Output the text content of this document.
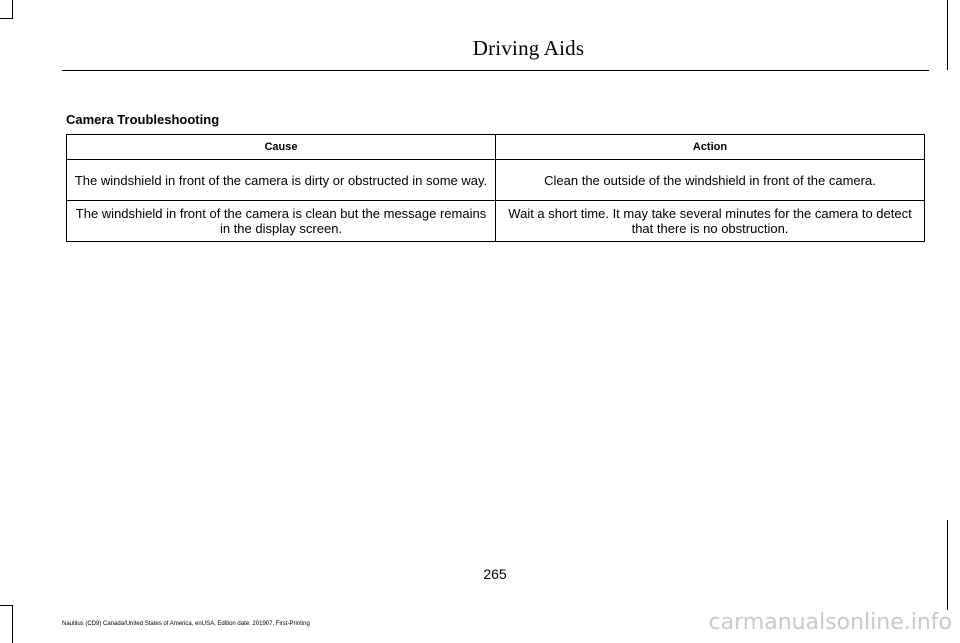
Driving Aids
Camera Troubleshooting
Cause	Action
The windshield in front of the camera is dirty or obstructed in some way.	Clean the outside of the windshield in front of the camera.
The windshield in front of the camera is clean but the message remains in the display screen.	Wait a short time. It may take several minutes for the camera to detect that there is no obstruction.
265
Nautilus (CD9) Canada/United States of America, enUSA, Edition date: 201907, First-Printing	carmanualsonline.info
